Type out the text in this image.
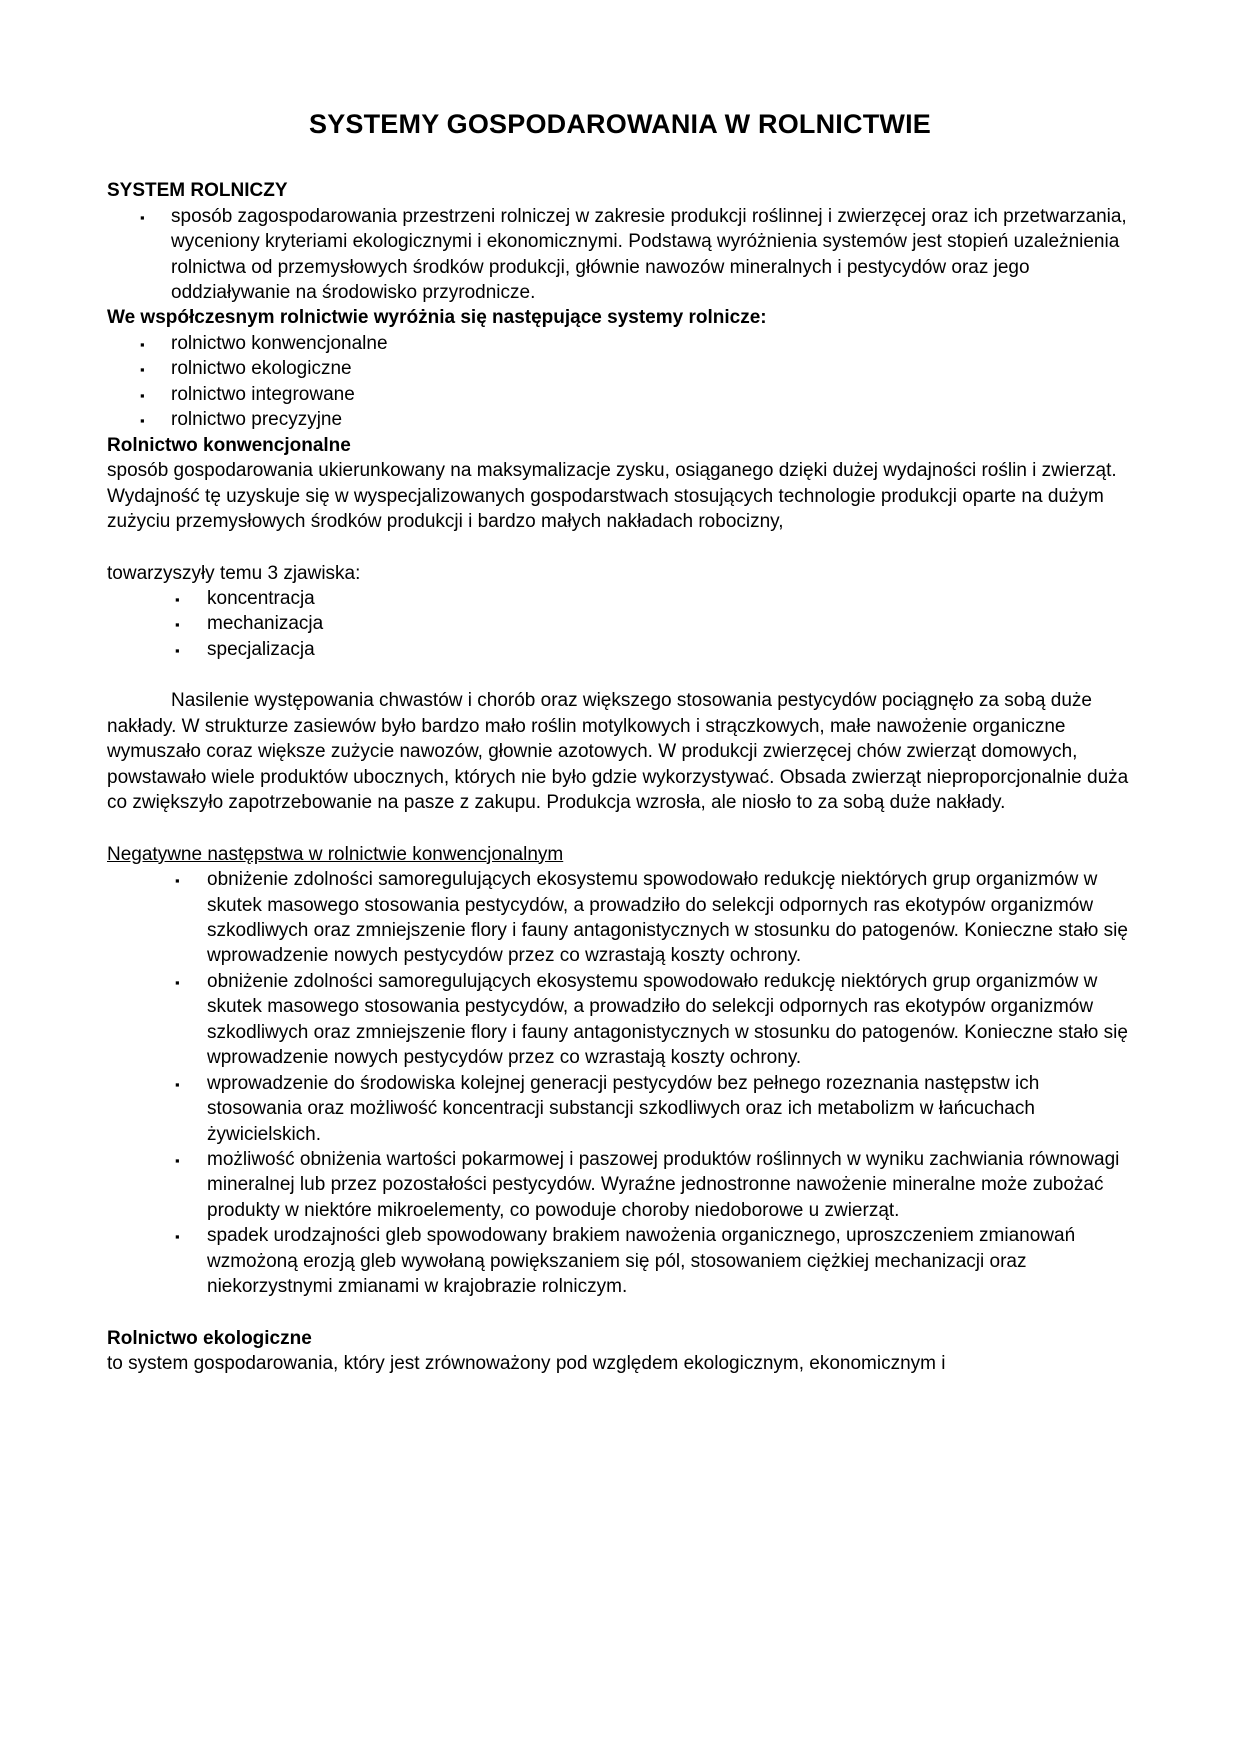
SYSTEMY GOSPODAROWANIA W ROLNICTWIE

SYSTEM ROLNICZY

▪	sposób zagospodarowania przestrzeni rolniczej w zakresie produkcji roślinnej i zwierzęcej oraz ich przetwarzania, wyceniony kryteriami ekologicznymi i ekonomicznymi. Podstawą wyróżnienia systemów jest stopień uzależnienia rolnictwa od przemysłowych środków produkcji, głównie nawozów mineralnych i pestycydów oraz jego oddziaływanie na środowisko przyrodnicze.

We współczesnym rolnictwie wyróżnia się następujące systemy rolnicze:

▪	rolnictwo konwencjonalne
▪	rolnictwo ekologiczne
▪	rolnictwo integrowane
▪	rolnictwo precyzyjne

Rolnictwo konwencjonalne

sposób gospodarowania ukierunkowany na maksymalizacje zysku, osiąganego dzięki dużej wydajności roślin i zwierząt. Wydajność tę uzyskuje się w wyspecjalizowanych gospodarstwach stosujących technologie produkcji oparte na dużym zużyciu przemysłowych środków produkcji i bardzo małych nakładach robocizny,

towarzyszyły temu 3 zjawiska:

▪	koncentracja
▪	mechanizacja
▪	specjalizacja

Nasilenie występowania chwastów i chorób oraz większego stosowania pestycydów pociągnęło za sobą duże nakłady. W strukturze zasiewów było bardzo mało roślin motylkowych i strączkowych, małe nawożenie organiczne wymuszało coraz większe zużycie nawozów, głownie azotowych. W produkcji zwierzęcej chów zwierząt domowych, powstawało wiele produktów ubocznych, których nie było gdzie wykorzystywać. Obsada zwierząt nieproporcjonalnie duża co zwiększyło zapotrzebowanie na pasze z zakupu. Produkcja wzrosła, ale niosło to za sobą duże nakłady.

Negatywne następstwa w rolnictwie konwencjonalnym

▪	obniżenie zdolności samoregulujących ekosystemu spowodowało redukcję niektórych grup organizmów w skutek masowego stosowania pestycydów, a prowadziło do selekcji odpornych ras ekotypów organizmów szkodliwych oraz zmniejszenie flory i fauny antagonistycznych w stosunku do patogenów. Konieczne stało się wprowadzenie nowych pestycydów przez co wzrastają koszty ochrony.
▪	obniżenie zdolności samoregulujących ekosystemu spowodowało redukcję niektórych grup organizmów w skutek masowego stosowania pestycydów, a prowadziło do selekcji odpornych ras ekotypów organizmów szkodliwych oraz zmniejszenie flory i fauny antagonistycznych w stosunku do patogenów. Konieczne stało się wprowadzenie nowych pestycydów przez co wzrastają koszty ochrony.
▪	wprowadzenie do środowiska kolejnej generacji pestycydów bez pełnego rozeznania następstw ich stosowania oraz możliwość koncentracji substancji szkodliwych oraz ich metabolizm w łańcuchach żywicielskich.
▪	możliwość obniżenia wartości pokarmowej i paszowej produktów roślinnych w wyniku zachwiania równowagi mineralnej lub przez pozostałości pestycydów. Wyraźne jednostronne nawożenie mineralne może zubożać produkty w niektóre mikroelementy, co powoduje choroby niedoborowe u zwierząt.
▪	spadek urodzajności gleb spowodowany brakiem nawożenia organicznego, uproszczeniem zmianowań wzmożoną erozją gleb wywołaną powiększaniem się pól, stosowaniem ciężkiej mechanizacji oraz niekorzystnymi zmianami w krajobrazie rolniczym.

Rolnictwo ekologiczne

to system gospodarowania, który jest zrównoważony pod względem ekologicznym, ekonomicznym i
